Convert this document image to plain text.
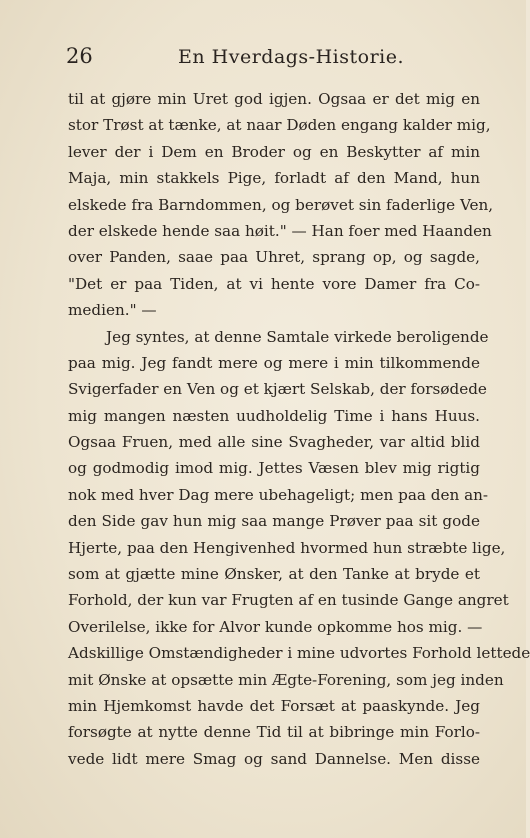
26	En Hverdags-Historie.
til at gjøre min Uret god igjen. Ogsaa er det mig en
stor Trøst at tænke, at naar Døden engang kalder mig,
lever der i Dem en Broder og en Beskytter af min
Maja, min stakkels Pige, forladt af den Mand, hun
elskede fra Barndommen, og berøvet sin faderlige Ven,
der elskede hende saa høit." — Han foer med Haanden
over Panden, saae paa Uhret, sprang op, og sagde,
"Det er paa Tiden, at vi hente vore Damer fra Co-
medien." —
Jeg syntes, at denne Samtale virkede beroligende
paa mig. Jeg fandt mere og mere i min tilkommende
Svigerfader en Ven og et kjært Selskab, der forsødede
mig mangen næsten uudholdelig Time i hans Huus.
Ogsaa Fruen, med alle sine Svagheder, var altid blid
og godmodig imod mig. Jettes Væsen blev mig rigtig
nok med hver Dag mere ubehageligt; men paa den an-
den Side gav hun mig saa mange Prøver paa sit gode
Hjerte, paa den Hengivenhed hvormed hun stræbte lige,
som at gjætte mine Ønsker, at den Tanke at bryde et
Forhold, der kun var Frugten af en tusinde Gange angret
Overilelse, ikke for Alvor kunde opkomme hos mig. —
Adskillige Omstændigheder i mine udvortes Forhold lettede
mit Ønske at opsætte min Ægte-Forening, som jeg inden
min Hjemkomst havde det Forsæt at paaskynde. Jeg
forsøgte at nytte denne Tid til at bibringe min Forlo-
vede lidt mere Smag og sand Dannelse. Men disse
